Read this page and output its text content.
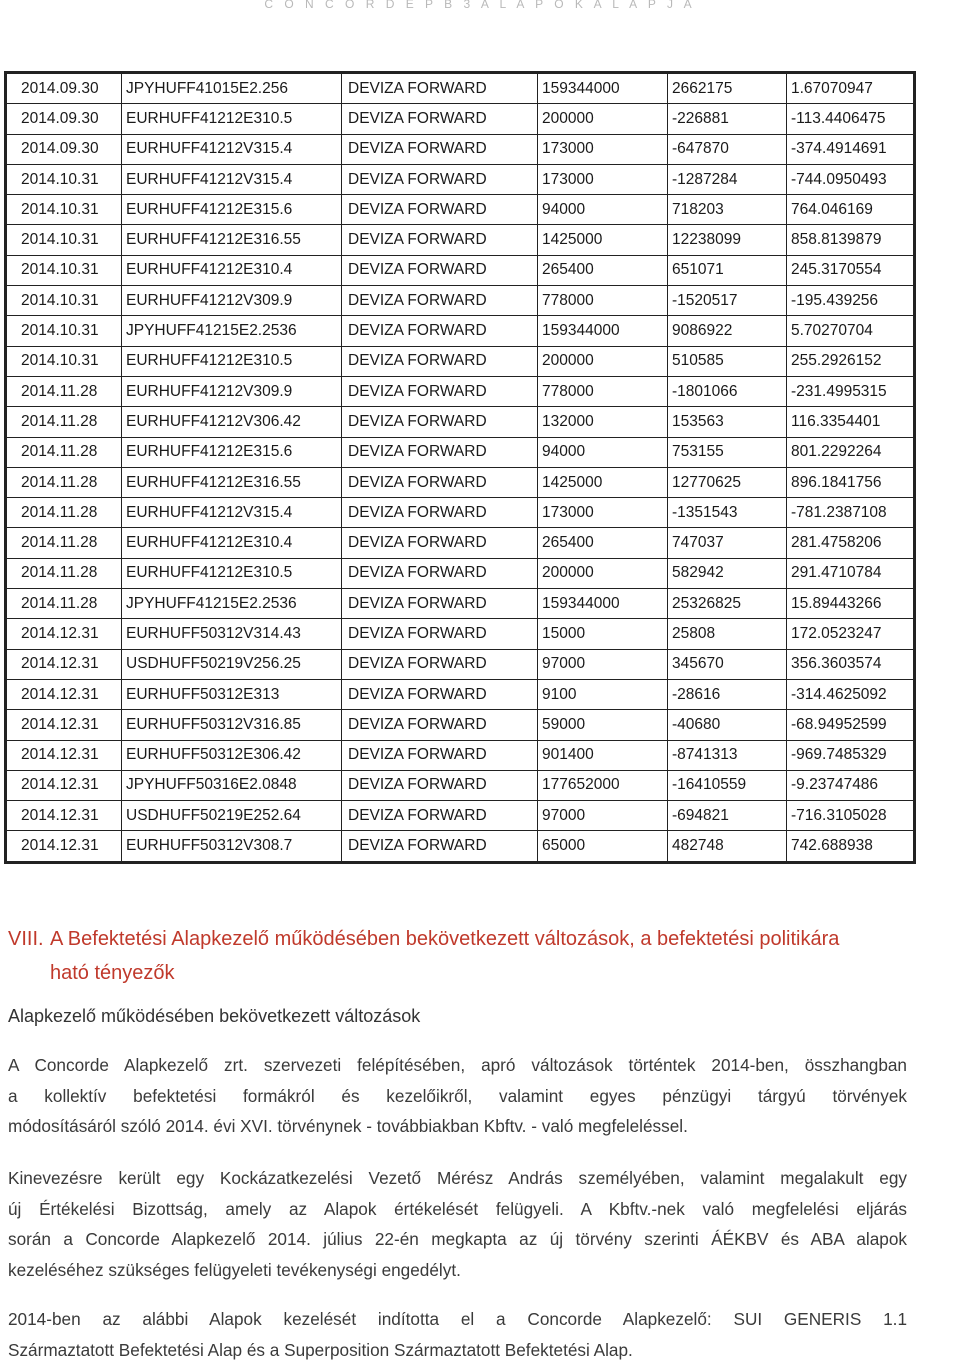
C O N C O R D E P B 3 A L A P O K A L A P J A
2014.09.30	JPYHUFF41015E2.256	DEVIZA FORWARD	159344000	2662175	1.67070947
2014.09.30	EURHUFF41212E310.5	DEVIZA FORWARD	200000	-226881	-113.4406475
2014.09.30	EURHUFF41212V315.4	DEVIZA FORWARD	173000	-647870	-374.4914691
2014.10.31	EURHUFF41212V315.4	DEVIZA FORWARD	173000	-1287284	-744.0950493
2014.10.31	EURHUFF41212E315.6	DEVIZA FORWARD	94000	718203	764.046169
2014.10.31	EURHUFF41212E316.55	DEVIZA FORWARD	1425000	12238099	858.8139879
2014.10.31	EURHUFF41212E310.4	DEVIZA FORWARD	265400	651071	245.3170554
2014.10.31	EURHUFF41212V309.9	DEVIZA FORWARD	778000	-1520517	-195.439256
2014.10.31	JPYHUFF41215E2.2536	DEVIZA FORWARD	159344000	9086922	5.70270704
2014.10.31	EURHUFF41212E310.5	DEVIZA FORWARD	200000	510585	255.2926152
2014.11.28	EURHUFF41212V309.9	DEVIZA FORWARD	778000	-1801066	-231.4995315
2014.11.28	EURHUFF41212V306.42	DEVIZA FORWARD	132000	153563	116.3354401
2014.11.28	EURHUFF41212E315.6	DEVIZA FORWARD	94000	753155	801.2292264
2014.11.28	EURHUFF41212E316.55	DEVIZA FORWARD	1425000	12770625	896.1841756
2014.11.28	EURHUFF41212V315.4	DEVIZA FORWARD	173000	-1351543	-781.2387108
2014.11.28	EURHUFF41212E310.4	DEVIZA FORWARD	265400	747037	281.4758206
2014.11.28	EURHUFF41212E310.5	DEVIZA FORWARD	200000	582942	291.4710784
2014.11.28	JPYHUFF41215E2.2536	DEVIZA FORWARD	159344000	25326825	15.89443266
2014.12.31	EURHUFF50312V314.43	DEVIZA FORWARD	15000	25808	172.0523247
2014.12.31	USDHUFF50219V256.25	DEVIZA FORWARD	97000	345670	356.3603574
2014.12.31	EURHUFF50312E313	DEVIZA FORWARD	9100	-28616	-314.4625092
2014.12.31	EURHUFF50312V316.85	DEVIZA FORWARD	59000	-40680	-68.94952599
2014.12.31	EURHUFF50312E306.42	DEVIZA FORWARD	901400	-8741313	-969.7485329
2014.12.31	JPYHUFF50316E2.0848	DEVIZA FORWARD	177652000	-16410559	-9.23747486
2014.12.31	USDHUFF50219E252.64	DEVIZA FORWARD	97000	-694821	-716.3105028
2014.12.31	EURHUFF50312V308.7	DEVIZA FORWARD	65000	482748	742.688938
VIII. A Befektetési Alapkezelő működésében bekövetkezett változások, a befektetési politikára
ható tényezők
Alapkezelő működésében bekövetkezett változások
A Concorde Alapkezelő zrt. szervezeti felépítésében, apró változások történtek 2014-ben, összhangban
a kollektív befektetési formákról és kezelőikről, valamint egyes pénzügyi tárgyú törvények
módosításáról szóló 2014. évi XVI. törvénynek - továbbiakban Kbftv. - való megfeleléssel.
Kinevezésre került egy Kockázatkezelési Vezető Mérész András személyében, valamint megalakult egy
új Értékelési Bizottság, amely az Alapok értékelését felügyeli. A Kbftv.-nek való megfelelési eljárás
során a Concorde Alapkezelő 2014. július 22-én megkapta az új törvény szerinti ÁÉKBV és ABA alapok
kezeléséhez szükséges felügyeleti tevékenységi engedélyt.
2014-ben az alábbi Alapok kezelését indította el a Concorde Alapkezelő: SUI GENERIS 1.1
Származtatott Befektetési Alap és a Superposition Származtatott Befektetési Alap.
